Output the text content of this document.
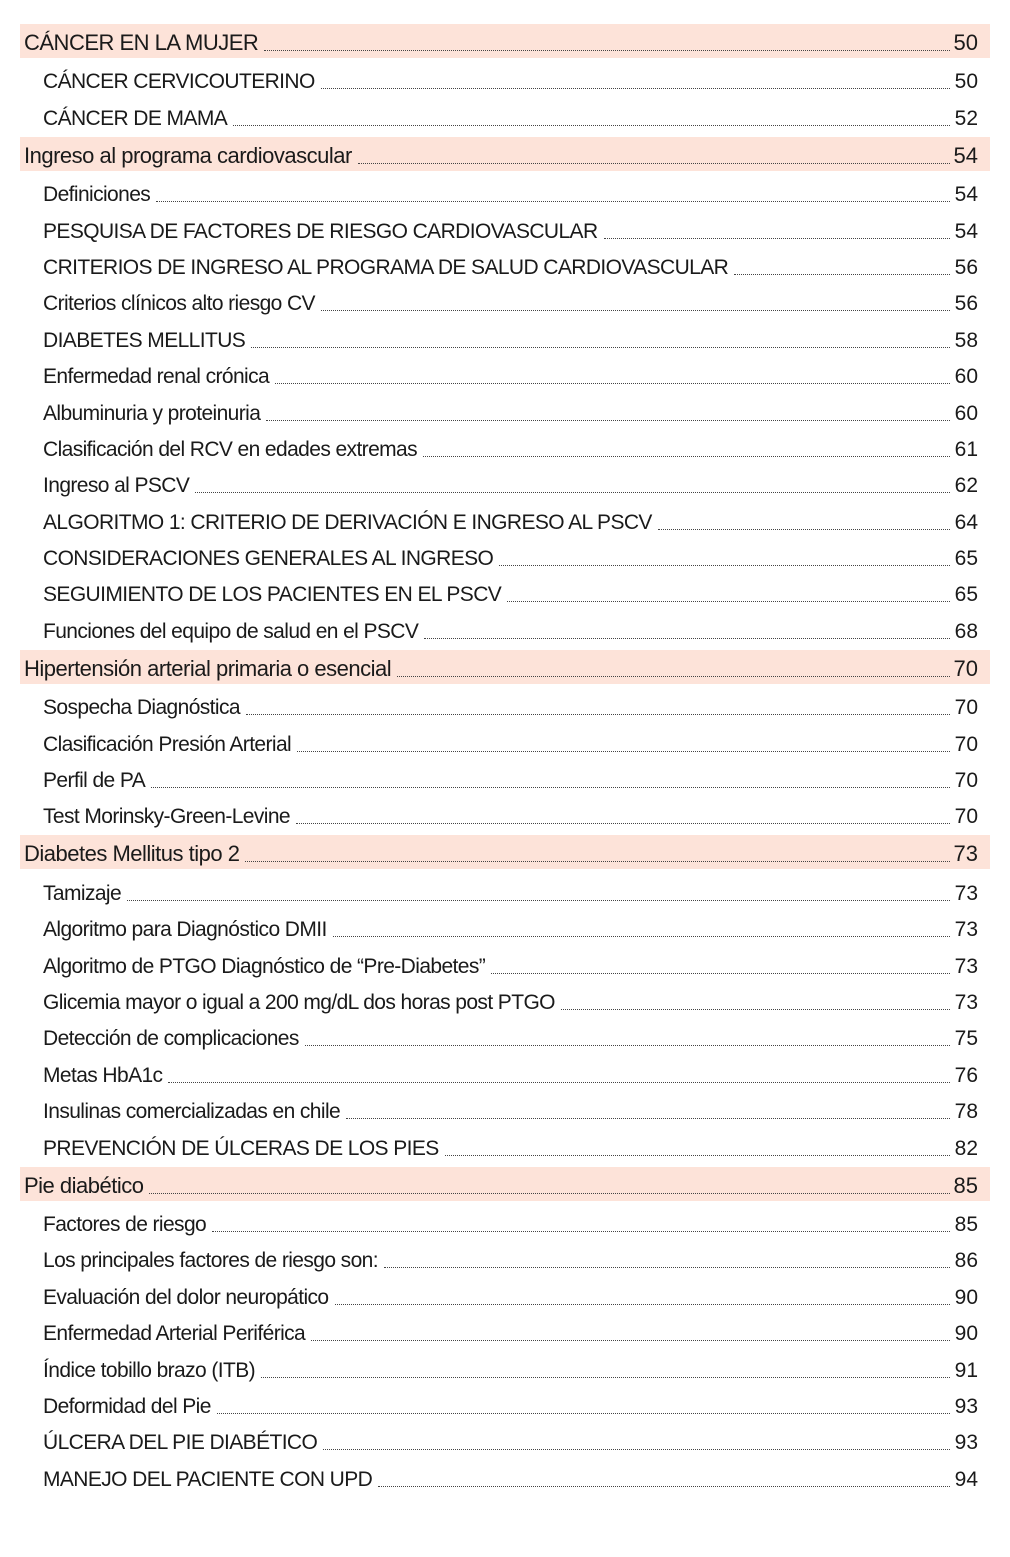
CÁNCER EN LA MUJER	50
CÁNCER CERVICOUTERINO	50
CÁNCER DE MAMA	52
Ingreso al programa cardiovascular	54
Definiciones	54
PESQUISA DE FACTORES DE RIESGO CARDIOVASCULAR	54
CRITERIOS DE INGRESO AL PROGRAMA DE SALUD CARDIOVASCULAR	56
Criterios clínicos alto riesgo CV	56
DIABETES MELLITUS	58
Enfermedad renal crónica	60
Albuminuria y proteinuria	60
Clasificación del RCV en edades extremas	61
Ingreso al PSCV	62
ALGORITMO 1: CRITERIO DE DERIVACIÓN E INGRESO AL PSCV	64
CONSIDERACIONES GENERALES AL INGRESO	65
SEGUIMIENTO DE LOS PACIENTES EN EL PSCV	65
Funciones del equipo de salud en el PSCV	68
Hipertensión arterial primaria o esencial	70
Sospecha Diagnóstica	70
Clasificación Presión Arterial	70
Perfil de PA	70
Test Morinsky-Green-Levine	70
Diabetes Mellitus tipo 2	73
Tamizaje	73
Algoritmo para Diagnóstico DMII	73
Algoritmo de PTGO Diagnóstico de “Pre-Diabetes”	73
Glicemia mayor o igual a 200 mg/dL dos horas post PTGO	73
Detección de complicaciones	75
Metas HbA1c	76
Insulinas comercializadas en chile	78
PREVENCIÓN DE ÚLCERAS DE LOS PIES	82
Pie diabético	85
Factores de riesgo	85
Los principales factores de riesgo son:	86
Evaluación del dolor neuropático	90
Enfermedad Arterial Periférica	90
Índice tobillo brazo (ITB)	91
Deformidad del Pie	93
ÚLCERA DEL PIE DIABÉTICO	93
MANEJO DEL PACIENTE CON UPD	94
